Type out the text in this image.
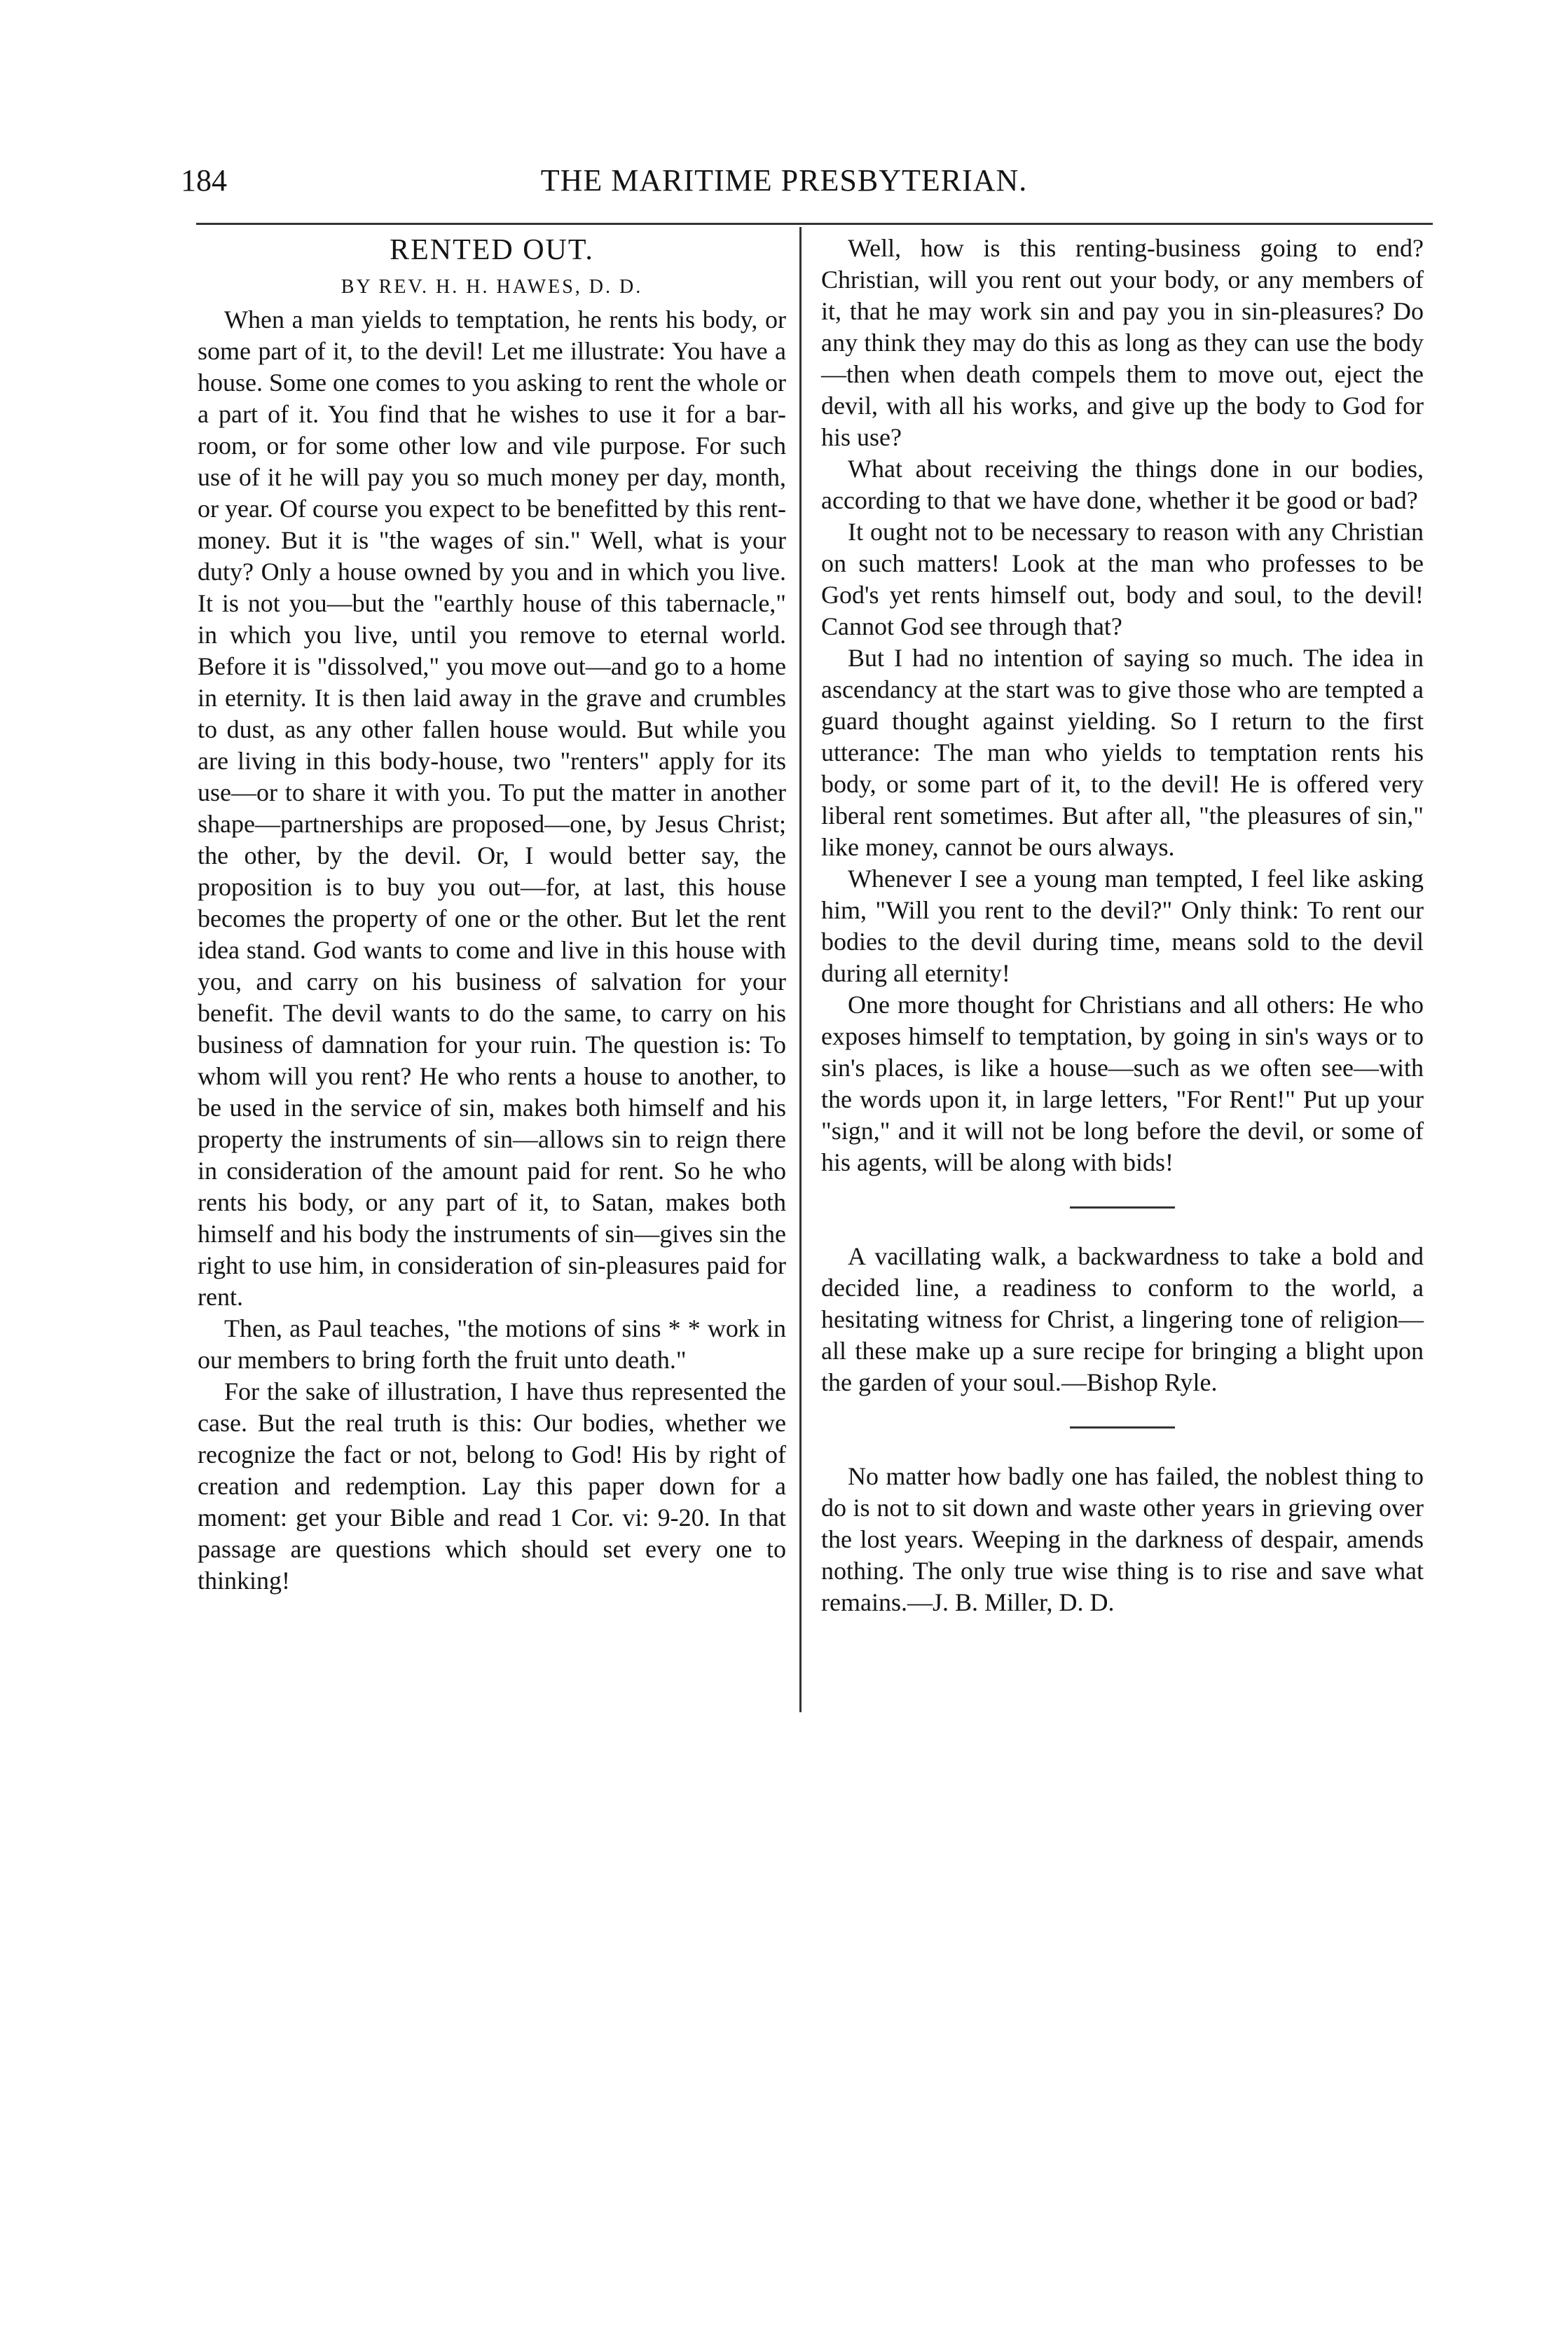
184	THE MARITIME PRESBYTERIAN.
RENTED OUT.
BY REV. H. H. HAWES, D. D.

When a man yields to temptation, he rents his body, or some part of it, to the devil! Let me illustrate: You have a house. Some one comes to you asking to rent the whole or a part of it. You find that he wishes to use it for a bar-room, or for some other low and vile purpose. For such use of it he will pay you so much money per day, month, or year. Of course you expect to be benefitted by this rent-money. But it is "the wages of sin." Well, what is your duty? Only a house owned by you and in which you live. It is not you—but the "earthly house of this tabernacle," in which you live, until you remove to eternal world. Before it is "dissolved," you move out—and go to a home in eternity. It is then laid away in the grave and crumbles to dust, as any other fallen house would. But while you are living in this body-house, two "renters" apply for its use—or to share it with you. To put the matter in another shape—partnerships are proposed—one, by Jesus Christ; the other, by the devil. Or, I would better say, the proposition is to buy you out—for, at last, this house becomes the property of one or the other. But let the rent idea stand. God wants to come and live in this house with you, and carry on his business of salvation for your benefit. The devil wants to do the same, to carry on his business of damnation for your ruin. The question is: To whom will you rent? He who rents a house to another, to be used in the service of sin, makes both himself and his property the instruments of sin—allows sin to reign there in consideration of the amount paid for rent. So he who rents his body, or any part of it, to Satan, makes both himself and his body the instruments of sin—gives sin the right to use him, in consideration of sin-pleasures paid for rent.

Then, as Paul teaches, "the motions of sins * * work in our members to bring forth the fruit unto death."

For the sake of illustration, I have thus represented the case. But the real truth is this: Our bodies, whether we recognize the fact or not, belong to God! His by right of creation and redemption. Lay this paper down for a moment: get your Bible and read 1 Cor. vi: 9-20. In that passage are questions which should set every one to thinking!

Well, how is this renting-business going to end? Christian, will you rent out your body, or any members of it, that he may work sin and pay you in sin-pleasures? Do any think they may do this as long as they can use the body—then when death compels them to move out, eject the devil, with all his works, and give up the body to God for his use?

What about receiving the things done in our bodies, according to that we have done, whether it be good or bad?

It ought not to be necessary to reason with any Christian on such matters! Look at the man who professes to be God's yet rents himself out, body and soul, to the devil! Cannot God see through that?

But I had no intention of saying so much. The idea in ascendancy at the start was to give those who are tempted a guard thought against yielding. So I return to the first utterance: The man who yields to temptation rents his body, or some part of it, to the devil! He is offered very liberal rent sometimes. But after all, "the pleasures of sin," like money, cannot be ours always.

Whenever I see a young man tempted, I feel like asking him, "Will you rent to the devil?" Only think: To rent our bodies to the devil during time, means sold to the devil during all eternity!

One more thought for Christians and all others: He who exposes himself to temptation, by going in sin's ways or to sin's places, is like a house—such as we often see—with the words upon it, in large letters, "For Rent!" Put up your "sign," and it will not be long before the devil, or some of his agents, will be along with bids!

A vacillating walk, a backwardness to take a bold and decided line, a readiness to conform to the world, a hesitating witness for Christ, a lingering tone of religion—all these make up a sure recipe for bringing a blight upon the garden of your soul.—Bishop Ryle.

No matter how badly one has failed, the noblest thing to do is not to sit down and waste other years in grieving over the lost years. Weeping in the darkness of despair, amends nothing. The only true wise thing is to rise and save what remains.—J. B. Miller, D. D.
